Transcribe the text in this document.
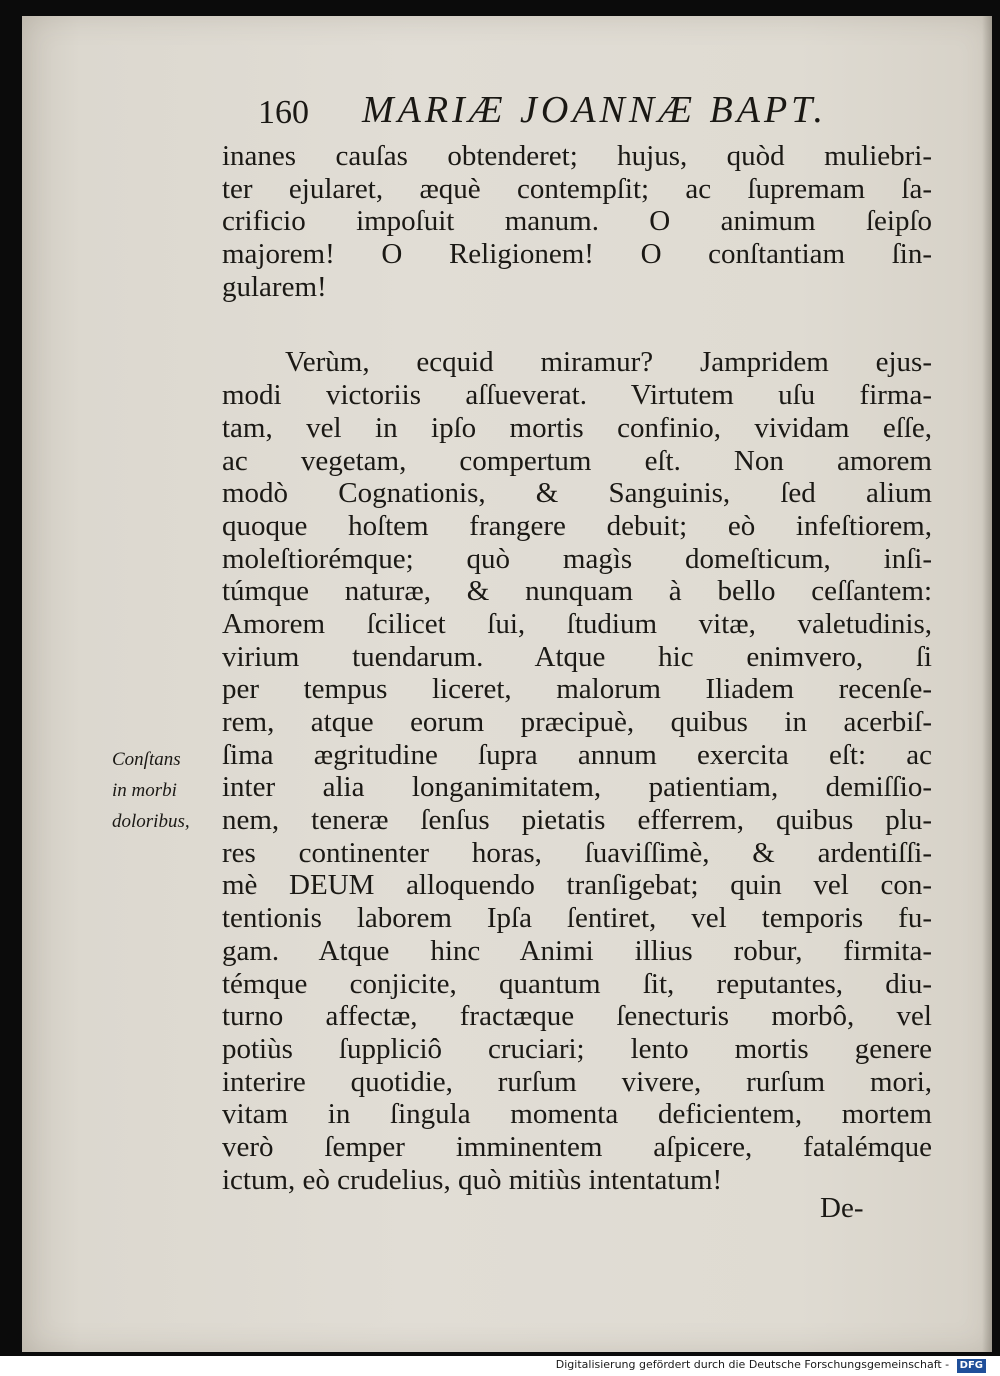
160 MARIÆ JOANNÆ BAPT.
Conſtans
in morbi
doloribus,
inanes cauſas obtenderet; hujus, quòd muliebri-
ter ejularet, æquè contempſit; ac ſupremam ſa-
crificio impoſuit manum. O animum ſeipſo
majorem! O Religionem! O conſtantiam ſin-
gularem!
Verùm, ecquid miramur? Jampridem ejus-
modi victoriis aſſueverat. Virtutem uſu firma-
tam, vel in ipſo mortis confinio, vividam eſſe,
ac vegetam, compertum eſt. Non amorem
modò Cognationis, & Sanguinis, ſed alium
quoque hoſtem frangere debuit; eò infeſtiorem,
moleſtiorémque; quò magìs domeſticum, inſi-
túmque naturæ, & nunquam à bello ceſſantem:
Amorem ſcilicet ſui, ſtudium vitæ, valetudinis,
virium tuendarum. Atque hic enimvero, ſi
per tempus liceret, malorum Iliadem recenſe-
rem, atque eorum præcipuè, quibus in acerbiſ-
ſima ægritudine ſupra annum exercita eſt: ac
inter alia longanimitatem, patientiam, demiſſio-
nem, teneræ ſenſus pietatis efferrem, quibus plu-
res continenter horas, ſuaviſſimè, & ardentiſſi-
mè DEUM alloquendo tranſigebat; quin vel con-
tentionis laborem Ipſa ſentiret, vel temporis fu-
gam. Atque hinc Animi illius robur, firmita-
témque conjicite, quantum ſit, reputantes, diu-
turno affectæ, fractæque ſenecturis morbô, vel
potiùs ſuppliciô cruciari; lento mortis genere
interire quotidie, rurſum vivere, rurſum mori,
vitam in ſingula momenta deficientem, mortem
verò ſemper imminentem aſpicere, fatalémque
ictum, eò crudelius, quò mitiùs intentatum!
De-
Digitalisierung gefördert durch die Deutsche Forschungsgemeinschaft - DFG
